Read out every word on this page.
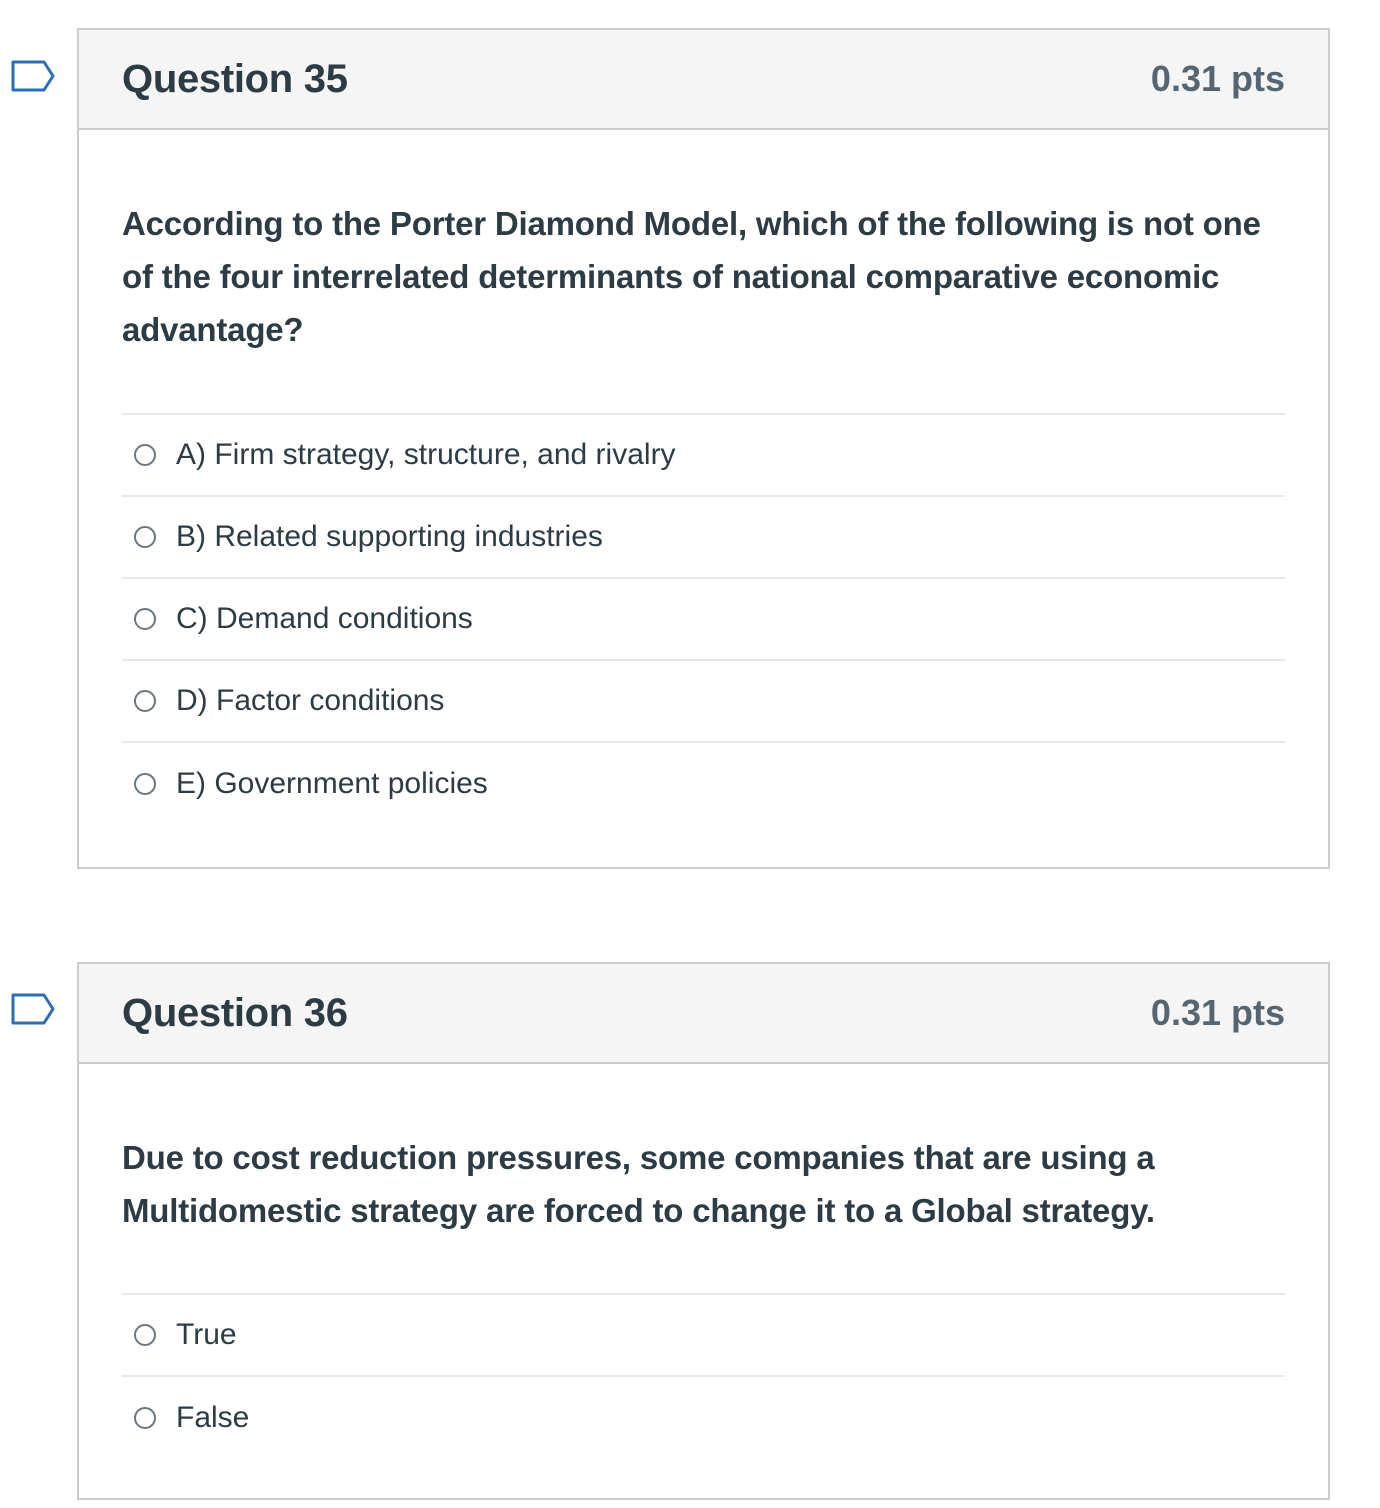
Question 35	0.31 pts
According to the Porter Diamond Model, which of the following is not one of the four interrelated determinants of national comparative economic advantage?
A) Firm strategy, structure, and rivalry
B) Related supporting industries
C) Demand conditions
D) Factor conditions
E) Government policies
Question 36	0.31 pts
Due to cost reduction pressures, some companies that are using a Multidomestic strategy are forced to change it to a Global strategy.
True
False
